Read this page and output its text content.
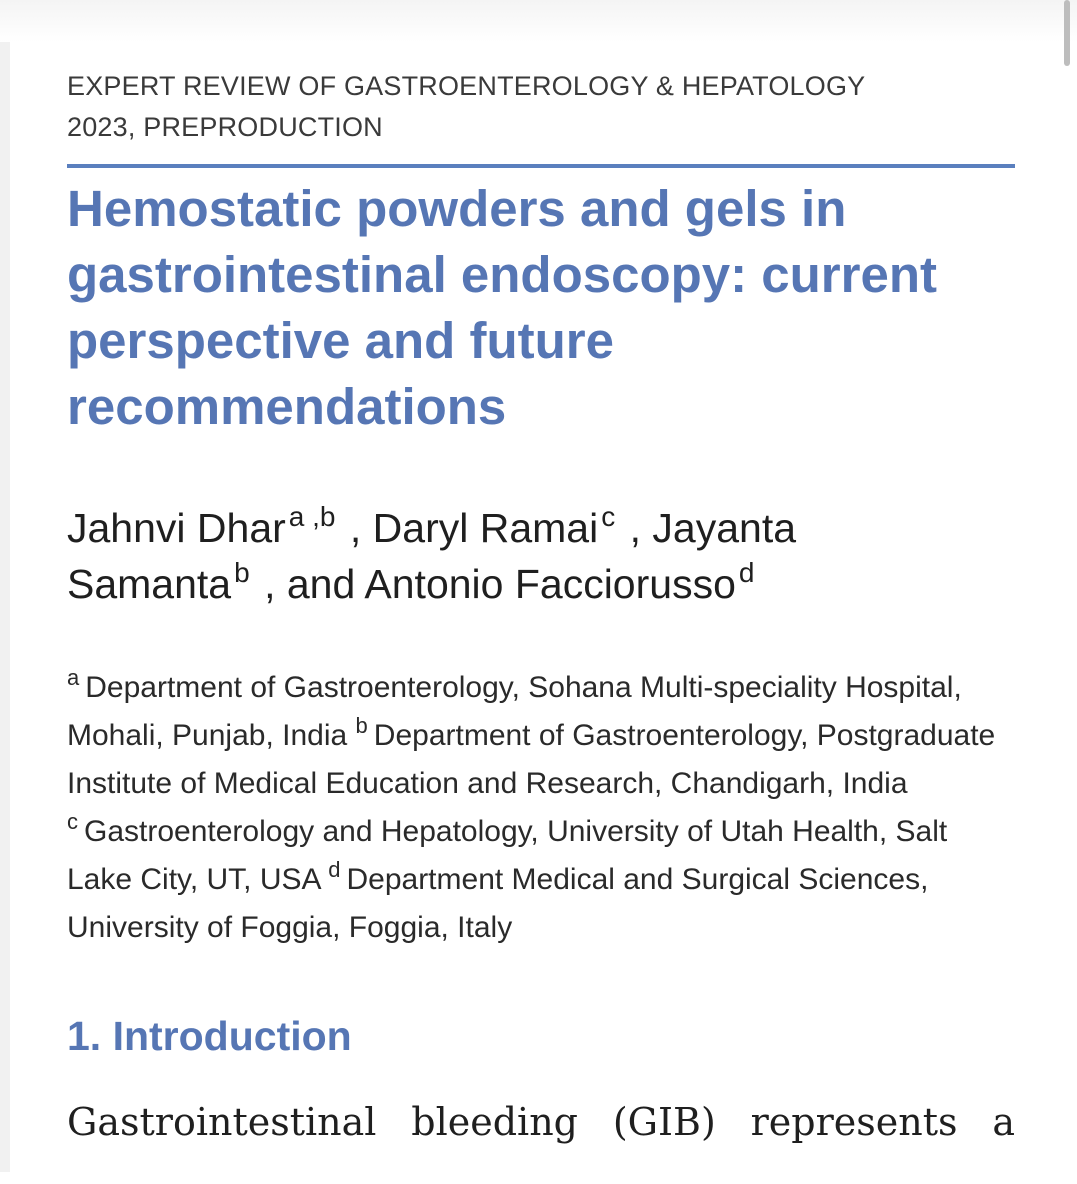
EXPERT REVIEW OF GASTROENTEROLOGY & HEPATOLOGY
2023, PREPRODUCTION
Hemostatic powders and gels in gastrointestinal endoscopy: current perspective and future recommendations
Jahnvi Dhar $^{a ,b}$ , Daryl Ramai $^c$ , Jayanta Samanta $^b$ , and Antonio Facciorusso $^d$
$^a$ Department of Gastroenterology, Sohana Multi-speciality Hospital, Mohali, Punjab, India $^b$ Department of Gastroenterology, Postgraduate Institute of Medical Education and Research, Chandigarh, India $^c$ Gastroenterology and Hepatology, University of Utah Health, Salt Lake City, UT, USA $^d$ Department Medical and Surgical Sciences, University of Foggia, Foggia, Italy
1. Introduction

Gastrointestinal bleeding (GIB) represents a
